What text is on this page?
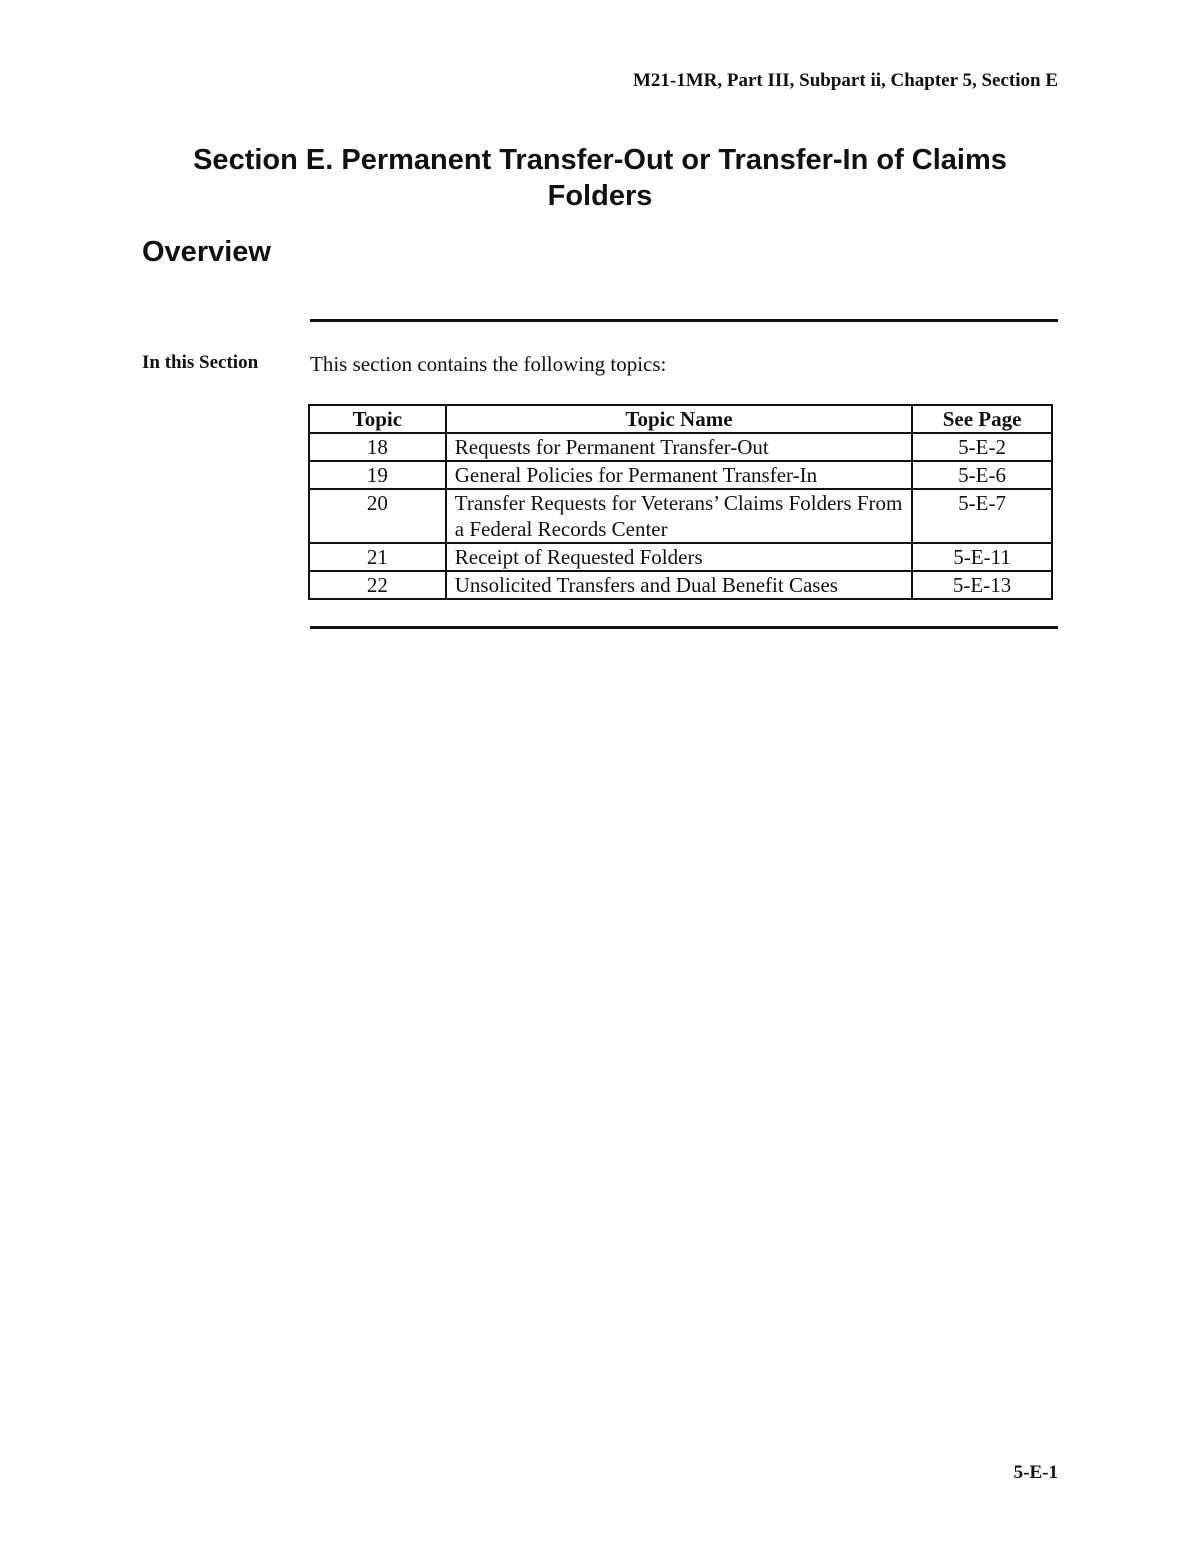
M21-1MR, Part III, Subpart ii, Chapter 5, Section E
Section E. Permanent Transfer-Out or Transfer-In of Claims Folders
Overview
In this Section This section contains the following topics:
Topic	Topic Name	See Page
18	Requests for Permanent Transfer-Out	5-E-2
19	General Policies for Permanent Transfer-In	5-E-6
20	Transfer Requests for Veterans’ Claims Folders From a Federal Records Center	5-E-7
21	Receipt of Requested Folders	5-E-11
22	Unsolicited Transfers and Dual Benefit Cases	5-E-13
5-E-1
